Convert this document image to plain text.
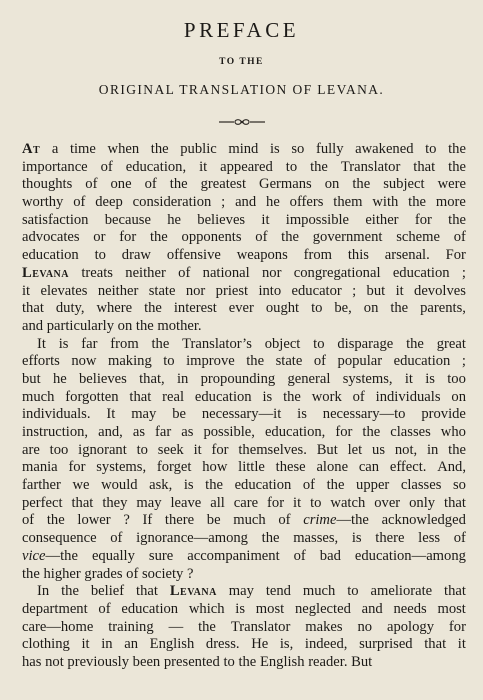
PREFACE
TO THE
ORIGINAL TRANSLATION OF LEVANA.
At a time when the public mind is so fully awakened to the
importance of education, it appeared to the Translator that the
thoughts of one of the greatest Germans on the subject were
worthy of deep consideration ; and he offers them with the more
satisfaction because he believes it impossible either for the
advocates or for the opponents of the government scheme of
education to draw offensive weapons from this arsenal. For
Levana treats neither of national nor congregational education ;
it elevates neither state nor priest into educator ; but it devolves
that duty, where the interest ever ought to be, on the parents,
and particularly on the mother.
It is far from the Translator’s object to disparage the great
efforts now making to improve the state of popular education ;
but he believes that, in propounding general systems, it is too
much forgotten that real education is the work of individuals on
individuals. It may be necessary—it is necessary—to provide
instruction, and, as far as possible, education, for the classes who
are too ignorant to seek it for themselves. But let us not, in the
mania for systems, forget how little these alone can effect. And,
farther we would ask, is the education of the upper classes so
perfect that they may leave all care for it to watch over only that
of the lower ? If there be much of crime—the acknowledged
consequence of ignorance—among the masses, is there less of
vice—the equally sure accompaniment of bad education—among
the higher grades of society ?
In the belief that Levana may tend much to ameliorate that
department of education which is most neglected and needs most
care—home training — the Translator makes no apology for
clothing it in an English dress. He is, indeed, surprised that it
has not previously been presented to the English reader. But
